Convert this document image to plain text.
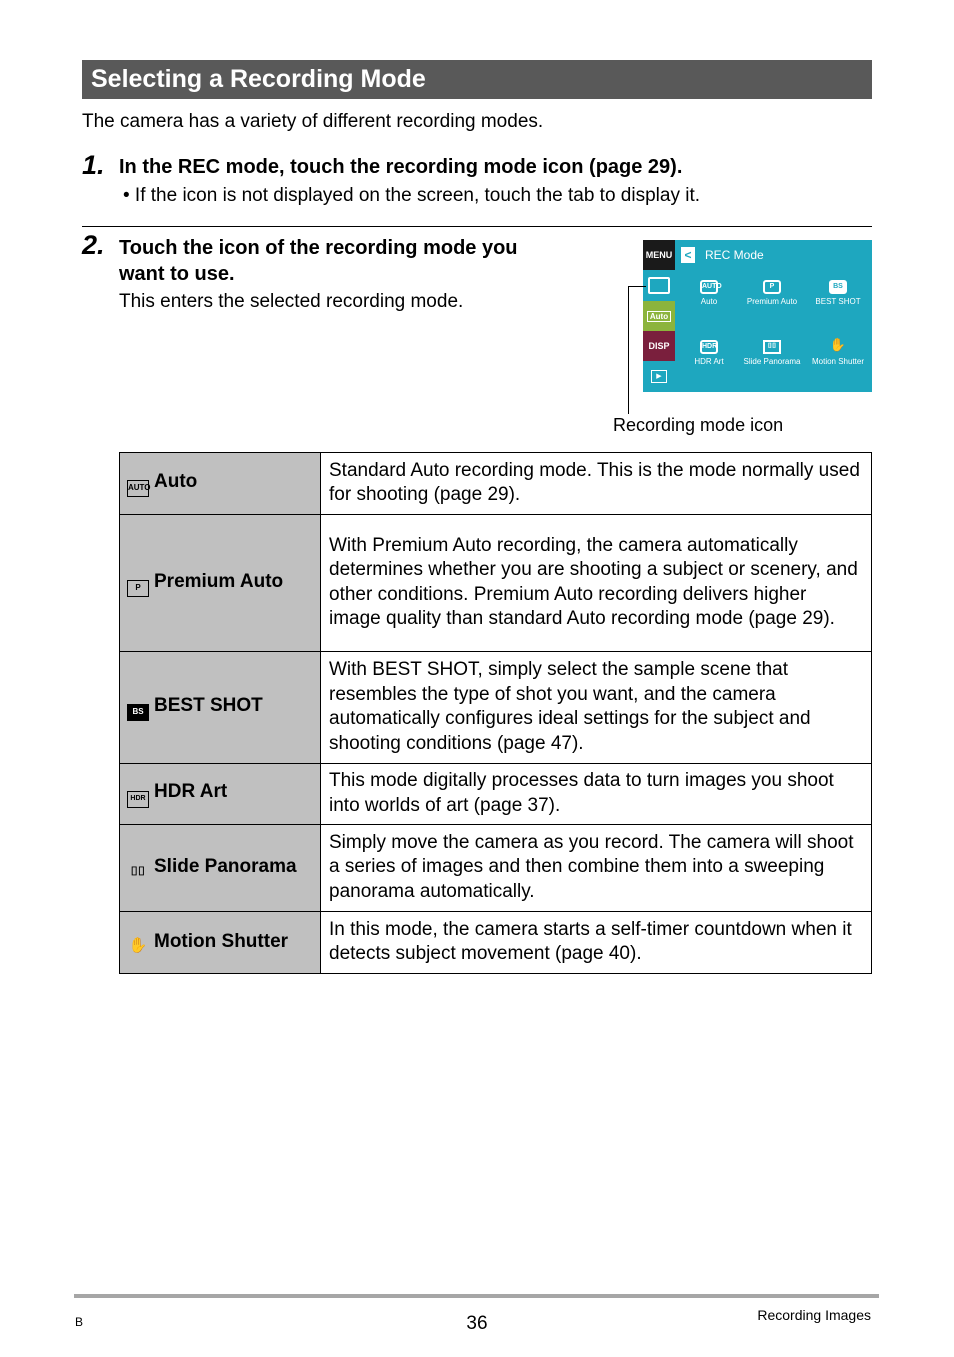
Selecting a Recording Mode
The camera has a variety of different recording modes.
1. In the REC mode, touch the recording mode icon (page 29).
• If the icon is not displayed on the screen, touch the tab to display it.
2. Touch the icon of the recording mode you
want to use.
This enters the selected recording mode.
MENU < REC Mode
Auto
DISP
▶
AUTO
Auto
P
Premium Auto
BS
BEST SHOT
HDR
HDR Art
⌷⌷
Slide Panorama
✋
Motion Shutter
Recording mode icon
AUTO Auto	Standard Auto recording mode. This is the mode normally used for shooting (page 29).
P Premium Auto	With Premium Auto recording, the camera automatically determines whether you are shooting a subject or scenery, and other conditions. Premium Auto recording delivers higher image quality than standard Auto recording mode (page 29).
BS BEST SHOT	With BEST SHOT, simply select the sample scene that resembles the type of shot you want, and the camera automatically configures ideal settings for the subject and shooting conditions (page 47).
HDR HDR Art	This mode digitally processes data to turn images you shoot into worlds of art (page 37).
⌷⌷ Slide Panorama	Simply move the camera as you record. The camera will shoot a series of images and then combine them into a sweeping panorama automatically.
✋ Motion Shutter	In this mode, the camera starts a self-timer countdown when it detects subject movement (page 40).
B	36	Recording Images
